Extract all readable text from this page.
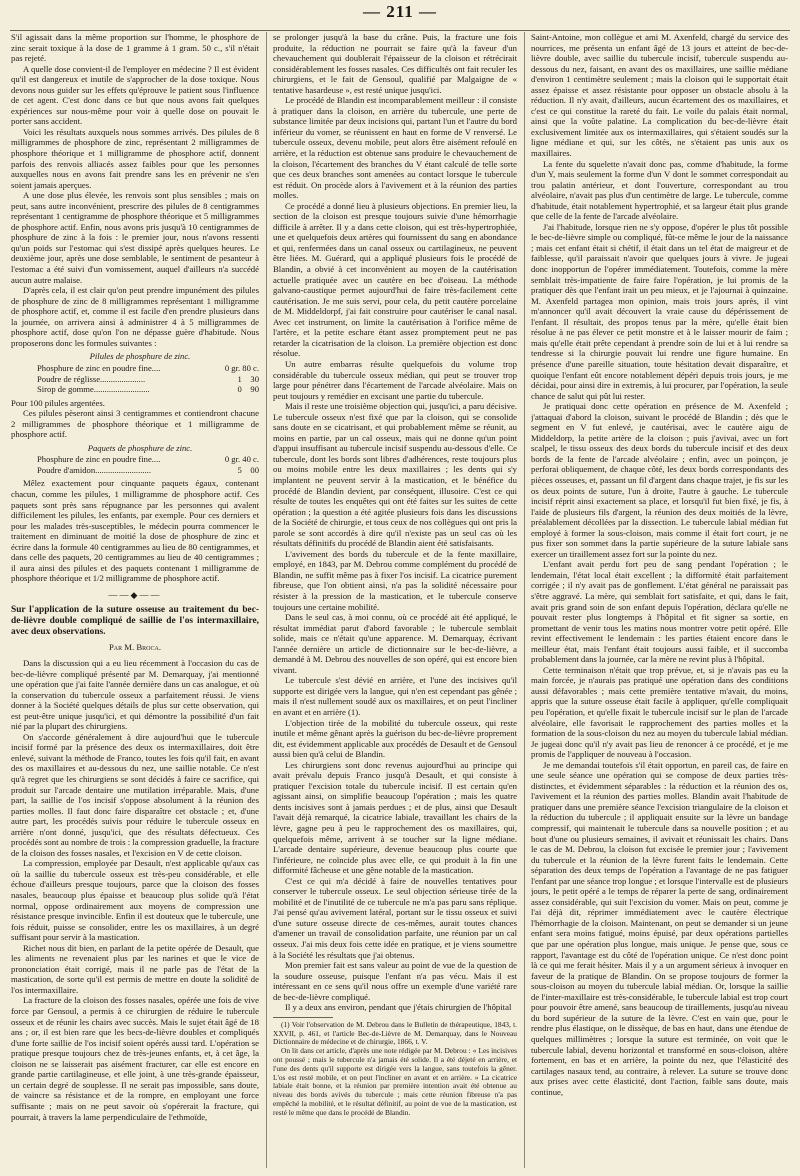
— 211 —

S'il agissait dans la même proportion sur l'homme, le phosphore de zinc serait toxique à la dose de 1 gramme à 1 gram. 50 c., s'il n'était pas rejeté.

A quelle dose convient-il de l'employer en médecine ? Il est évident qu'il est dangereux et inutile de s'approcher de la dose toxique. Nous devons nous guider sur les effets qu'éprouve le patient sous l'influence de cet agent. C'est donc dans ce but que nous avons fait quelques expériences sur nous-même pour voir à quelle dose on pouvait le porter sans accident.

Voici les résultats auxquels nous sommes arrivés. Des pilules de 8 milligrammes de phosphore de zinc, représentant 2 milligrammes de phosphore théorique et 1 milligramme de phosphore actif, donnent parfois des renvois alliacés assez faibles pour que les personnes auxquelles nous en avons fait prendre sans les en prévenir ne s'en soient jamais aperçues.

A une dose plus élevée, les renvois sont plus sensibles ; mais on peut, sans autre inconvénient, prescrire des pilules de 8 centigrammes représentant 1 centigramme de phosphore théorique et 5 milligrammes de phosphore actif. Enfin, nous avons pris jusqu'à 10 centigrammes de phosphure de zinc à la fois : le premier jour, nous n'avons ressenti qu'un poids sur l'estomac qui s'est dissipé après quelques heures. Le deuxième jour, après une dose semblable, le sentiment de pesanteur à l'estomac a été suivi d'un vomissement, auquel d'ailleurs n'a succédé aucun autre malaise.

D'après cela, il est clair qu'on peut prendre impunément des pilules de phosphure de zinc de 8 milligrammes représentant 1 milligramme de phosphore actif, et, comme il est facile d'en prendre plusieurs dans la journée, on arrivera ainsi à administrer 4 à 5 milligrammes de phosphore actif, dose qu'on l'on ne dépasse guère d'habitude. Nous proposerons donc les formules suivantes :

Pilules de phosphure de zinc.
Phosphure de zinc en poudre fine....	0 gr. 80 c.
Poudre de réglisse.....................	1    30
Sirop de gomme..........................	0    90

Pour 100 pilules argentées.

Ces pilules pèseront ainsi 3 centigrammes et contiendront chacune 2 milligrammes de phosphore théorique et 1 milligramme de phosphore actif.

Paquets de phosphure de zinc.
Phosphure de zinc en poudre fine....	0 gr. 40 c.
Poudre d'amidon..........................	5    00

Mêlez exactement pour cinquante paquets égaux, contenant chacun, comme les pilules, 1 milligramme de phosphore actif. Ces paquets sont près sans répugnance par les personnes qui avalent difficilement les pilules, les enfants, par exemple. Pour ces derniers et pour les malades très-susceptibles, le médecin pourra commencer le traitement en diminuant de moitié la dose de phosphure de zinc et écrire dans la formule 40 centigrammes au lieu de 80 centigrammes, et dans celle des paquets, 20 centigrammes au lieu de 40 centigrammes ; il aura ainsi des pilules et des paquets contenant 1 milligramme de phosphore théorique et 1/2 milligramme de phosphore actif.

——◆——

Sur l'application de la suture osseuse au traitement du bec-de-lièvre double compliqué de saillie de l'os intermaxillaire, avec deux observations.

Par M. Broca.

Dans la discussion qui a eu lieu récemment à l'occasion du cas de bec-de-lièvre compliqué présenté par M. Demarquay, j'ai mentionné une opération que j'ai faite l'année dernière dans un cas analogue, et où la conservation du tubercule osseux a parfaitement réussi. Je viens donner à la Société quelques détails de plus sur cette observation, qui est peut-être unique jusqu'ici, et qui démontre la possibilité d'un fait nié par la plupart des chirurgiens.

On s'accorde généralement à dire aujourd'hui que le tubercule incisif formé par la présence des deux os intermaxillaires, doit être enlevé, suivant la méthode de Franco, toutes les fois qu'il fait, en avant des os maxillaires et au-dessous du nez, une saillie notable. Ce n'est qu'à regret que les chirurgiens se sont décidés à faire ce sacrifice, qui produit sur l'arcade dentaire une mutilation irréparable. Mais, d'une part, la saillie de l'os incisif s'oppose absolument à la réunion des parties molles. Il faut donc faire disparaître cet obstacle ; et, d'une autre part, les procédés suivis pour réduire le tubercule osseux en arrière n'ont donné, jusqu'ici, que des résultats défectueux. Ces procédés sont au nombre de trois : la compression graduelle, la fracture de la cloison des fosses nasales, et l'excision en V de cette cloison.

La compression, employée par Desault, n'est applicable qu'aux cas où la saillie du tubercule osseux est très-peu considérable, et elle échoue d'ailleurs presque toujours, parce que la cloison des fosses nasales, beaucoup plus épaisse et beaucoup plus solide qu'à l'état normal, oppose ordinairement aux moyens de compression une résistance presque invincible. Enfin il est douteux que le tubercule, une fois réduit, puisse se consolider, entre les os maxillaires, à un degré suffisant pour servir à la mastication.

Richet nous dit bien, en parlant de la petite opérée de Desault, que les aliments ne revenaient plus par les narines et que le vice de prononciation était corrigé, mais il ne parle pas de l'état de la mastication, de sorte qu'il est permis de mettre en doute la solidité de l'os intermaxillaire.

La fracture de la cloison des fosses nasales, opérée une fois de vive force par Gensoul, a permis à ce chirurgien de réduire le tubercule osseux et de réunir les chairs avec succès. Mais le sujet était âgé de 18 ans ; or, il est bien rare que les becs-de-lièvre doubles et compliqués d'une forte saillie de l'os incisif soient opérés aussi tard. L'opération se pratique presque toujours chez de très-jeunes enfants, et, à cet âge, la cloison ne se laisserait pas aisément fracturer, car elle est encore en grande partie cartilagineuse, et elle joint, à une très-grande épaisseur, un certain degré de souplesse. Il ne serait pas impossible, sans doute, de vaincre sa résistance et de la rompre, en employant une force suffisante ; mais on ne peut savoir où s'opérerait la fracture, qui pourrait, à travers la lame perpendiculaire de l'ethmoïde,

se prolonger jusqu'à la base du crâne. Puis, la fracture une fois produite, la réduction ne pourrait se faire qu'à la faveur d'un chevauchement qui doublerait l'épaisseur de la cloison et rétrécirait considérablement les fosses nasales. Ces difficultés ont fait reculer les chirurgiens, et le fait de Gensoul, qualifié par Malgaigne de « tentative hasardeuse », est resté unique jusqu'ici.

Le procédé de Blandin est incomparablement meilleur : il consiste à pratiquer dans la cloison, en arrière du tubercule, une perte de substance limitée par deux incisions qui, partant l'un et l'autre du bord inférieur du vomer, se réunissent en haut en forme de V renversé. Le tubercule osseux, devenu mobile, peut alors être aisément refoulé en arrière, et la réduction est obtenue sans produire le chevauchement de la cloison, l'écartement des branches du V étant calculé de telle sorte que ces deux branches sont amenées au contact lorsque le tubercule est réduit. On procède alors à l'avivement et à la réunion des parties molles.

Ce procédé a donné lieu à plusieurs objections. En premier lieu, la section de la cloison est presque toujours suivie d'une hémorrhagie difficile à arrêter. Il y a dans cette cloison, qui est très-hypertrophiée, une et quelquefois deux artères qui fournissent du sang en abondance et qui, renfermées dans un canal osseux ou cartilagineux, ne peuvent être liées. M. Guérard, qui a appliqué plusieurs fois le procédé de Blandin, a obvié à cet inconvénient au moyen de la cautérisation actuelle pratiquée avec un cautère en bec d'oiseau. La méthode galvano-caustique permet aujourd'hui de faire très-facilement cette cautérisation. Je me suis servi, pour cela, du petit cautère porcelaine de M. Middeldorpf, j'ai fait construire pour cautériser le canal nasal. Avec cet instrument, on limite la cautérisation à l'orifice même de l'artère, et la petite eschare étant assez promptement peut ne pas retarder la cicatrisation de la cloison. La première objection est donc résolue.

Un autre embarras résulte quelquefois du volume trop considérable du tubercule osseux médian, qui peut se trouver trop large pour pénétrer dans l'écartement de l'arcade alvéolaire. Mais on peut toujours y remédier en excisant une partie du tubercule.

Mais il reste une troisième objection qui, jusqu'ici, a paru décisive. Le tubercule osseux n'est fixé que par la cloison, qui se consolide sans doute en se cicatrisant, et qui probablement même se réunit, au moins en partie, par un cal osseux, mais qui ne donne qu'un point d'appui insuffisant au tubercule incisif suspendu au-dessous d'elle. Ce tubercule, dont les bords sont libres d'adhérences, reste toujours plus ou moins mobile entre les deux maxillaires ; les dents qui s'y implantent ne peuvent servir à la mastication, et le bénéfice du procédé de Blandin devient, par conséquent, illusoire. C'est ce qui résulte de toutes les enquêtes qui ont été faites sur les suites de cette opération ; la question a été agitée plusieurs fois dans les discussions de la Société de chirurgie, et tous ceux de nos collègues qui ont pris la parole se sont accordés à dire qu'il n'existe pas un seul cas où les résultats définitifs du procédé de Blandin aient été satisfaisants.

L'avivement des bords du tubercule et de la fente maxillaire, employé, en 1843, par M. Debrou comme complément du procédé de Blandin, ne suffit même pas à fixer l'os incisif. La cicatrice purement fibreuse, que l'on obtient ainsi, n'a pas la solidité nécessaire pour résister à la pression de la mastication, et le tubercule conserve toujours une certaine mobilité.

Dans le seul cas, à moi connu, où ce procédé ait été appliqué, le résultat immédiat parut d'abord favorable ; le tubercule semblait solide, mais ce n'était qu'une apparence. M. Demarquay, écrivant l'année dernière un article de dictionnaire sur le bec-de-lièvre, a demandé à M. Debrou des nouvelles de son opéré, qui est encore bien vivant.

Le tubercule s'est dévié en arrière, et l'une des incisives qu'il supporte est dirigée vers la langue, qui n'en est cependant pas gênée ; mais il n'est nullement soudé aux os maxillaires, et on peut l'incliner en avant et en arrière (1).

L'objection tirée de la mobilité du tubercule osseux, qui reste inutile et même gênant après la guérison du bec-de-lièvre proprement dit, est évidemment applicable aux procédés de Desault et de Gensoul aussi bien qu'à celui de Blandin.

Les chirurgiens sont donc revenus aujourd'hui au principe qui avait prévalu depuis Franco jusqu'à Desault, et qui consiste à pratiquer l'excision totale du tubercule incisif. Il est certain qu'en agissant ainsi, on simplifie beaucoup l'opération ; mais les quatre dents incisives sont à jamais perdues ; et de plus, ainsi que Desault l'avait déjà remarqué, la cicatrice labiale, travaillant les chairs de la lèvre, gagne peu à peu le rapprochement des os maxillaires, qui, quelquefois même, arrivent à se toucher sur la ligne médiane. L'arcade dentaire supérieure, devenue beaucoup plus courte que l'inférieure, ne coïncide plus avec elle, ce qui produit à la fin une difformité fâcheuse et une gêne notable de la mastication.

C'est ce qui m'a décidé à faire de nouvelles tentatives pour conserver le tubercule osseux. Le seul objection sérieuse tirée de la mobilité et de l'inutilité de ce tubercule ne m'a pas paru sans réplique. J'ai pensé qu'au avivement latéral, portant sur le tissu osseux et suivi d'une suture osseuse directe de ces-mêmes, aurait toutes chances d'amener un travail de consolidation parfaite, une réunion par un cal osseux. J'ai mis deux fois cette idée en pratique, et je viens soumettre à la Société les résultats que j'ai obtenus.

Mon premier fait est sans valeur au point de vue de la question de la soudure osseuse, puisque l'enfant n'a pas vécu. Mais il est intéressant en ce sens qu'il nous offre un exemple d'une variété rare de bec-de-lièvre compliqué.

Il y a deux ans environ, pendant que j'étais chirurgien de l'hôpital

(1) Voir l'observation de M. Debrou dans le Bulletin de thérapeutique, 1843, t. XXVII, p. 461, et l'article Bec-de-Lièvre de M. Demarquay, dans le Nouveau Dictionnaire de médecine et de chirurgie, 1866, t. V.

On lit dans cet article, d'après une note rédigée par M. Debrou : « Les incisives ont poussé ; mais le tubercule n'a jamais été solide. Il a été déjeté en arrière, et l'une des dents qu'il supporte est dirigée vers la langue, sans toutefois la gêner. L'os est resté mobile, et on peut l'incliner en avant et en arrière. » La cicatrice labiale était bonne, et la réunion par première intention avait été obtenue au niveau des bords avivés du tubercule ; mais cette réunion fibreuse n'a pas empêché la mobilité, et le résultat définitif, au point de vue de la mastication, est resté le même que dans le procédé de Blandin.

Saint-Antoine, mon collègue et ami M. Axenfeld, chargé du service des nourrices, me présenta un enfant âgé de 13 jours et atteint de bec-de-lièvre double, avec saillie du tubercule incisif, tubercule suspendu au-dessous du nez, faisant, en avant des os maxillaires, une saillie médiane d'environ 1 centimètre seulement ; mais la cloison qui le supportait était assez épaisse et assez résistante pour opposer un obstacle absolu à la réduction. Il n'y avait, d'ailleurs, aucun écartement des os maxillaires, et c'est ce qui constitue la rareté du fait. Le voile du palais était normal, ainsi que la voûte palatine. La complication du bec-de-lièvre était exclusivement limitée aux os intermaxillaires, qui s'étaient soudés sur la ligne médiane et qui, sur les côtés, ne s'étaient pas unis aux os maxillaires.

La fente du squelette n'avait donc pas, comme d'habitude, la forme d'un Y, mais seulement la forme d'un V dont le sommet correspondait au trou palatin antérieur, et dont l'ouverture, correspondant au trou alvéolaire, n'avait pas plus d'un centimètre de large. Le tubercule, comme d'habitude, était notablement hypertrophié, et sa largeur était plus grande que celle de la fente de l'arcade alvéolaire.

J'ai l'habitude, lorsque rien ne s'y oppose, d'opérer le plus tôt possible le bec-de-lièvre simple ou compliqué, fût-ce même le jour de la naissance ; mais cet enfant était si chétif, il était dans un tel état de maigreur et de faiblesse, qu'il paraissait n'avoir que quelques jours à vivre. Je jugeai donc inopportun de l'opérer immédiatement. Toutefois, comme la mère semblait très-impatiente de faire faire l'opération, je lui promis de la pratiquer dès que l'enfant irait un peu mieux, et je l'ajournai à quinzaine. M. Axenfeld partagea mon opinion, mais trois jours après, il vint m'annoncer qu'il avait découvert la vraie cause du dépérissement de l'enfant. Il résultait, des propos tenus par la mère, qu'elle était bien résolue à ne pas élever ce petit monstre et à le laisser mourir de faim ; mais qu'elle était prête cependant à prendre soin de lui et à lui rendre sa tendresse si la chirurgie pouvait lui rendre une figure humaine. En présence d'une pareille situation, toute hésitation devait disparaître, et quoique l'enfant eût encore notablement dépéri depuis trois jours, je me décidai, pour ainsi dire in extremis, à lui procurer, par l'opération, la seule chance de salut qui pût lui rester.

Je pratiquai donc cette opération en présence de M. Axenfeld ; j'attaquai d'abord la cloison, suivant le procédé de Blandin ; dès que le segment en V fut enlevé, je cautérisai, avec le cautère aigu de Middeldorp, la petite artère de la cloison ; puis j'avivai, avec un fort scalpel, le tissu osseux des deux bords du tubercule incisif et des deux bords de la fente de l'arcade alvéolaire ; enfin, avec un poinçon, je perforai obliquement, de chaque côté, les deux bords correspondants des pièces osseuses, et, passant un fil d'argent dans chaque trajet, je fis sur les os deux points de suture, l'un à droite, l'autre à gauche. Le tubercule incisif réprit ainsi exactement sa place, et lorsqu'il fut bien fixé, je fis, à l'aide de plusieurs fils d'argent, la réunion des deux moitiés de la lèvre, préalablement décollées par la dissection. Le tubercule labial médian fut employé à former la sous-cloison, mais comme il était fort court, je ne pus fixer son sommet dans la partie supérieure de la suture labiale sans exercer un tiraillement assez fort sur la pointe du nez.

L'enfant avait perdu fort peu de sang pendant l'opération ; le lendemain, l'état local était excellent ; la difformité était parfaitement corrigée ; il n'y avait pas de gonflement. L'état général ne paraissait pas s'être aggravé. La mère, qui semblait fort satisfaite, et qui, dans le fait, avait pris grand soin de son enfant depuis l'opération, déclara qu'elle ne pouvait rester plus longtemps à l'hôpital et fit signer sa sortie, en promettant de venir tous les matins nous montrer votre petit opéré. Elle revint effectivement le lendemain : les parties étaient encore dans le meilleur état, mais l'enfant était toujours aussi faible, et il succomba probablement dans la journée, car la mère ne revint plus à l'hôpital.

Cette terminaison n'était que trop prévue, et, si je n'avais pas eu la main forcée, je n'aurais pas pratiqué une opération dans des conditions aussi défavorables ; mais cette première tentative m'avait, du moins, appris que la suture osseuse était facile à appliquer, qu'elle compliquait peu l'opération, et qu'elle fixait le tubercule incisif sur le plan de l'arcade alvéolaire, elle favorisait le rapprochement des parties molles et la formation de la sous-cloison du nez au moyen du tubercule labial médian. Je jugeai donc qu'il n'y avait pas lieu de renoncer à ce procédé, et je me promis de l'appliquer de nouveau à l'occasion.

Je me demandai toutefois s'il était opportun, en pareil cas, de faire en une seule séance une opération qui se compose de deux parties très-distinctes, et évidemment séparables : la réduction et la réunion des os, l'avivement et la réunion des parties molles. Blandin avait l'habitude de pratiquer dans une première séance l'excision triangulaire de la cloison et la réduction du tubercule ; il appliquait ensuite sur la lèvre un bandage compressif, qui maintenait le tubercule dans sa nouvelle position ; et au bout d'une ou plusieurs semaines, il avivait et réunissait les chairs. Dans le cas de M. Debrou, la cloison fut excisée le premier jour ; l'avivement du tubercule et la réunion de la lèvre furent faits le lendemain. Cette séparation des deux temps de l'opération a l'avantage de ne pas fatiguer l'enfant par une séance trop longue ; et lorsque l'intervalle est de plusieurs jours, le petit opéré a le temps de réparer la perte de sang, ordinairement assez considérable, qui suit l'excision du vomer. Mais on peut, comme je l'ai déjà dit, réprimer immédiatement avec le cautère électrique l'hémorrhagie de la cloison. Maintenant, on peut se demander si un jeune enfant sera moins fatigué, moins épuisé, par deux opérations partielles que par une opération plus longue, mais unique. Je pense que, sous ce rapport, l'avantage est du côté de l'opération unique. Ce n'est donc point là ce qui me ferait hésiter. Mais il y a un argument sérieux à invoquer en faveur de la pratique de Blandin. On se propose toujours de former la sous-cloison au moyen du tubercule labial médian. Or, lorsque la saillie de l'inter-maxillaire est très-considérable, le tubercule labial est trop court pour pouvoir être amené, sans beaucoup de tiraillements, jusqu'au niveau du bord supérieur de la suture de la lèvre. C'est en vain que, pour le rendre plus élastique, on le dissèque, de bas en haut, dans une étendue de quelques millimètres ; lorsque la suture est terminée, on voit que le tubercule labial, devenu horizontal et transformé en sous-cloison, altère fortement, en bas et en arrière, la pointe du nez, que l'élasticité des cartilages nasaux tend, au contraire, à relever. La suture se trouve donc aux prises avec cette élasticité, dont l'action, faible sans doute, mais continue,
